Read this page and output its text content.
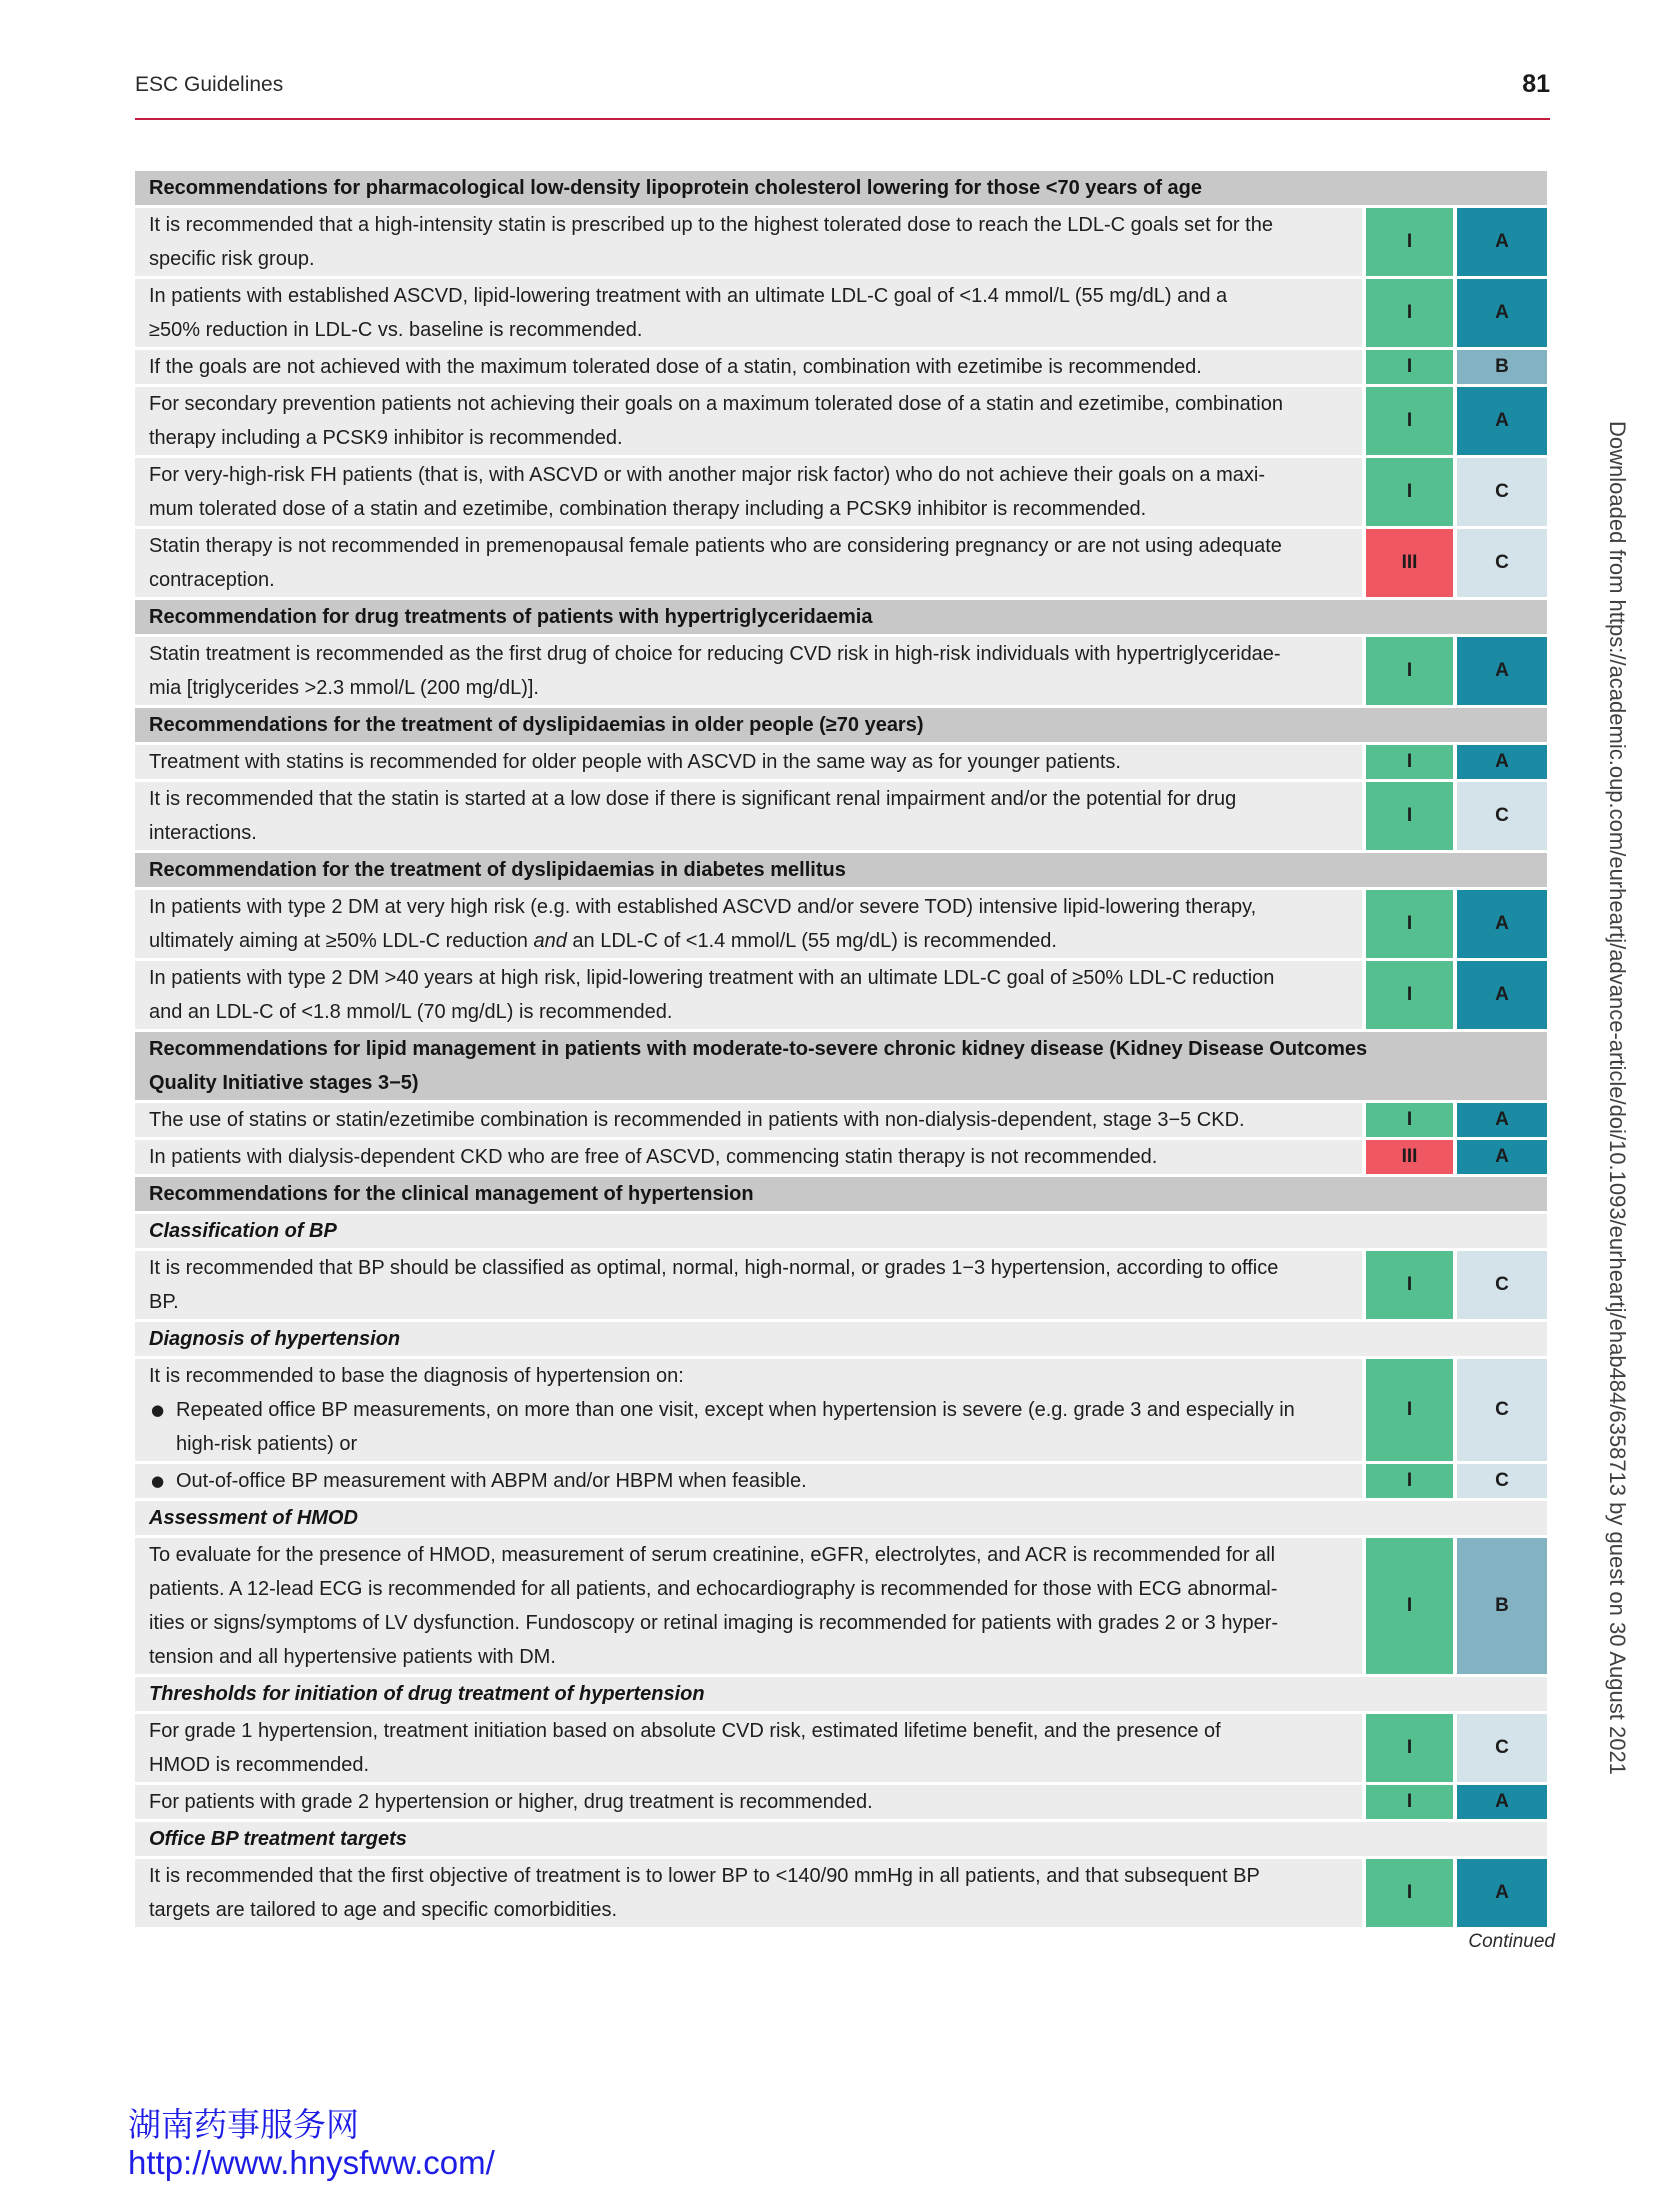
ESC Guidelines	81
Recommendations for pharmacological low-density lipoprotein cholesterol lowering for those <70 years of age
It is recommended that a high-intensity statin is prescribed up to the highest tolerated dose to reach the LDL-C goals set for the
specific risk group.
I	A
In patients with established ASCVD, lipid-lowering treatment with an ultimate LDL-C goal of <1.4 mmol/L (55 mg/dL) and a
≥50% reduction in LDL-C vs. baseline is recommended.
I	A
If the goals are not achieved with the maximum tolerated dose of a statin, combination with ezetimibe is recommended.	I	B
For secondary prevention patients not achieving their goals on a maximum tolerated dose of a statin and ezetimibe, combination
therapy including a PCSK9 inhibitor is recommended.
I	A
For very-high-risk FH patients (that is, with ASCVD or with another major risk factor) who do not achieve their goals on a maxi-
mum tolerated dose of a statin and ezetimibe, combination therapy including a PCSK9 inhibitor is recommended.
I	C
Statin therapy is not recommended in premenopausal female patients who are considering pregnancy or are not using adequate
contraception.
III	C
Recommendation for drug treatments of patients with hypertriglyceridaemia
Statin treatment is recommended as the first drug of choice for reducing CVD risk in high-risk individuals with hypertriglyceridae-
mia [triglycerides >2.3 mmol/L (200 mg/dL)].
I	A
Recommendations for the treatment of dyslipidaemias in older people (≥70 years)
Treatment with statins is recommended for older people with ASCVD in the same way as for younger patients.	I	A
It is recommended that the statin is started at a low dose if there is significant renal impairment and/or the potential for drug
interactions.
I	C
Recommendation for the treatment of dyslipidaemias in diabetes mellitus
In patients with type 2 DM at very high risk (e.g. with established ASCVD and/or severe TOD) intensive lipid-lowering therapy,
ultimately aiming at ≥50% LDL-C reduction and an LDL-C of <1.4 mmol/L (55 mg/dL) is recommended.
I	A
In patients with type 2 DM >40 years at high risk, lipid-lowering treatment with an ultimate LDL-C goal of ≥50% LDL-C reduction
and an LDL-C of <1.8 mmol/L (70 mg/dL) is recommended.
I	A
Recommendations for lipid management in patients with moderate-to-severe chronic kidney disease (Kidney Disease Outcomes
Quality Initiative stages 3−5)
The use of statins or statin/ezetimibe combination is recommended in patients with non-dialysis-dependent, stage 3−5 CKD.	I	A
In patients with dialysis-dependent CKD who are free of ASCVD, commencing statin therapy is not recommended.	III	A
Recommendations for the clinical management of hypertension
Classification of BP
It is recommended that BP should be classified as optimal, normal, high-normal, or grades 1−3 hypertension, according to office
BP.
I	C
Diagnosis of hypertension
It is recommended to base the diagnosis of hypertension on:
● Repeated office BP measurements, on more than one visit, except when hypertension is severe (e.g. grade 3 and especially in
high-risk patients) or
I	C
● Out-of-office BP measurement with ABPM and/or HBPM when feasible.	I	C
Assessment of HMOD
To evaluate for the presence of HMOD, measurement of serum creatinine, eGFR, electrolytes, and ACR is recommended for all
patients. A 12-lead ECG is recommended for all patients, and echocardiography is recommended for those with ECG abnormal-
ities or signs/symptoms of LV dysfunction. Fundoscopy or retinal imaging is recommended for patients with grades 2 or 3 hyper-
tension and all hypertensive patients with DM.
I	B
Thresholds for initiation of drug treatment of hypertension
For grade 1 hypertension, treatment initiation based on absolute CVD risk, estimated lifetime benefit, and the presence of
HMOD is recommended.
I	C
For patients with grade 2 hypertension or higher, drug treatment is recommended.	I	A
Office BP treatment targets
It is recommended that the first objective of treatment is to lower BP to <140/90 mmHg in all patients, and that subsequent BP
targets are tailored to age and specific comorbidities.
I	A
Continued
Downloaded from https://academic.oup.com/eurheartj/advance-article/doi/10.1093/eurheartj/ehab484/6358713 by guest on 30 August 2021
湖南药事服务网
http://www.hnysfww.com/
